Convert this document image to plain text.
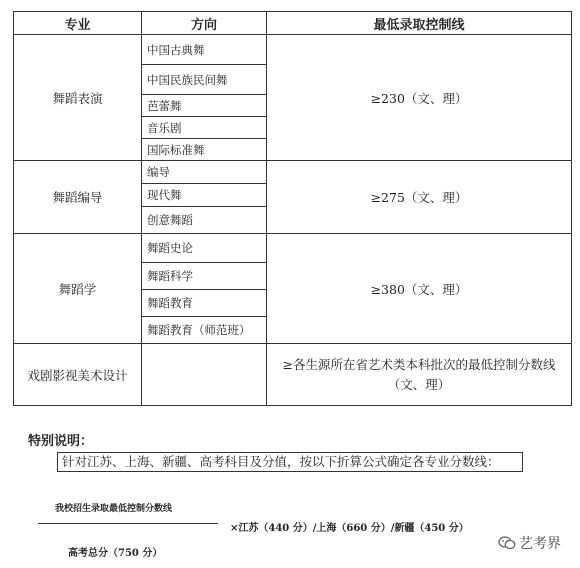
专业	方向	最低录取控制线
舞蹈表演	中国古典舞	≥230（文、理）
	中国民族民间舞	
	芭蕾舞	
	音乐剧	
	国际标准舞	
舞蹈编导	编导	≥275（文、理）
	现代舞	
	创意舞蹈	
舞蹈学	舞蹈史论	≥380（文、理）
	舞蹈科学	
	舞蹈教育	
	舞蹈教育（师范班）	
戏剧影视美术设计		≥各生源所在省艺术类本科批次的最低控制分数线
（文、理）
特别说明：
针对江苏、上海、新疆、高考科目及分值，按以下折算公式确定各专业分数线：
我校招生录取最低控制分数线
×江苏（440 分）/上海（660 分）/新疆（450 分）
高考总分（750 分）
艺考界
